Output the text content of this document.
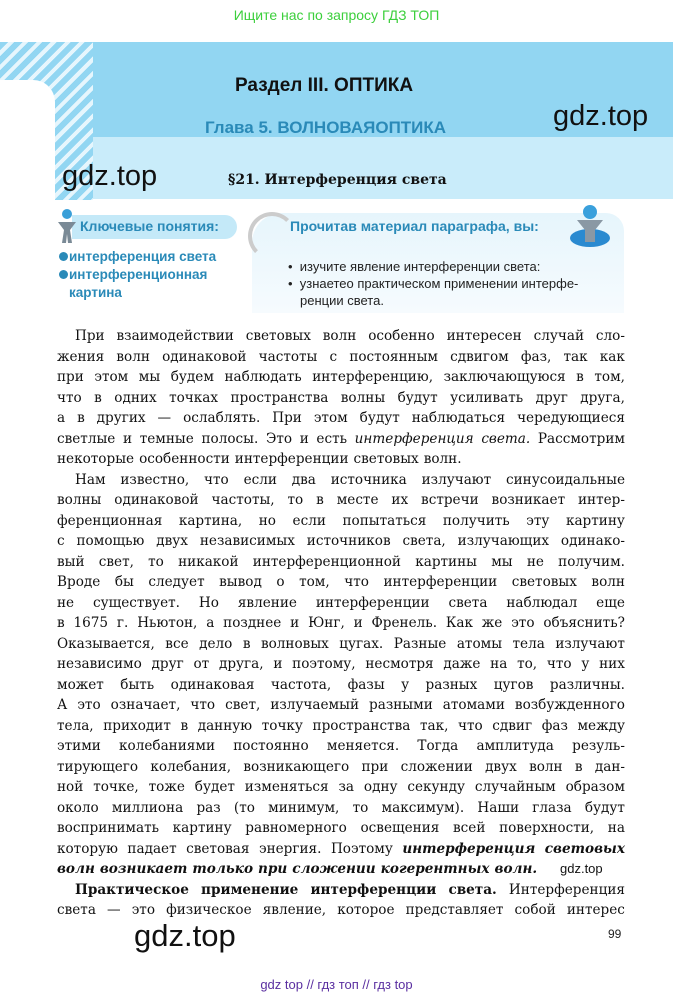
Ищите нас по запросу ГДЗ ТОП
Раздел III. ОПТИКА
Глава 5. ВОЛНОВАЯОПТИКА	gdz.top
gdz.top	§21. Интерференция света
Ключевые понятия:
интерференция света
интерференционная
картина
Прочитав материал параграфа, вы:
•  изучите явление интерференции света:
•  узнаетео практическом применении интерфе-
ренции света.
При взаимодействии световых волн особенно интересен случай сло-
жения волн одинаковой частоты с постоянным сдвигом фаз, так как
при этом мы будем наблюдать интерференцию, заключающуюся в том,
что в одних точках пространства волны будут усиливать друг друга,
а в других — ослаблять. При этом будут наблюдаться чередующиеся
светлые и темные полосы. Это и есть интерференция света. Рассмотрим
некоторые особенности интерференции световых волн.
Нам известно, что если два источника излучают синусоидальные
волны одинаковой частоты, то в месте их встречи возникает интер-
ференционная картина, но если попытаться получить эту картину
с помощью двух независимых источников света, излучающих одинако-
вый свет, то никакой интерференционной картины мы не получим.
Вроде бы следует вывод о том, что интерференции световых волн
не существует. Но явление интерференции света наблюдал еще
в 1675 г. Ньютон, а позднее и Юнг, и Френель. Как же это объяснить?
Оказывается, все дело в волновых цугах. Разные атомы тела излучают
независимо друг от друга, и поэтому, несмотря даже на то, что у них
может быть одинаковая частота, фазы у разных цугов различны.
А это означает, что свет, излучаемый разными атомами возбужденного
тела, приходит в данную точку пространства так, что сдвиг фаз между
этими колебаниями постоянно меняется. Тогда амплитуда резуль-
тирующего колебания, возникающего при сложении двух волн в дан-
ной точке, тоже будет изменяться за одну секунду случайным образом
около миллиона раз (то минимум, то максимум). Наши глаза будут
воспринимать картину равномерного освещения всей поверхности, на
которую падает световая энергия. Поэтому интерференция световых
волн возникает только при сложении когерентных волн.
Практическое применение интерференции света. Интерференция
света — это физическое явление, которое представляет собой интерес
gdz.top
gdz.top	99
gdz top // гдз топ // гдз top
